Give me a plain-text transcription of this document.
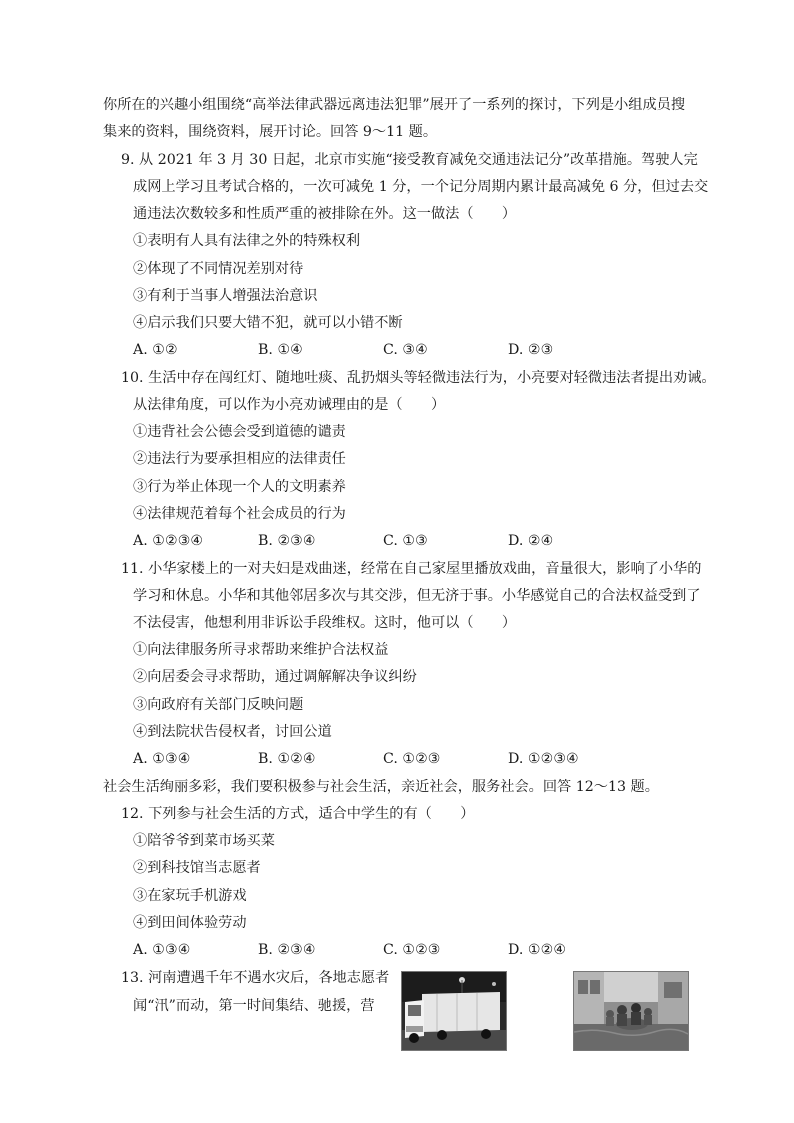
你所在的兴趣小组围绕“高举法律武器远离违法犯罪”展开了一系列的探讨，下列是小组成员搜
集来的资料，围绕资料，展开讨论。回答 9～11 题。
9. 从 2021 年 3 月 30 日起，北京市实施“接受教育减免交通违法记分”改革措施。驾驶人完
成网上学习且考试合格的，一次可减免 1 分，一个记分周期内累计最高减免 6 分，但过去交
通违法次数较多和性质严重的被排除在外。这一做法（　　）
①表明有人具有法律之外的特殊权利
②体现了不同情况差别对待
③有利于当事人增强法治意识
④启示我们只要大错不犯，就可以小错不断
A. ①②	B. ①④	C. ③④	D. ②③
10. 生活中存在闯红灯、随地吐痰、乱扔烟头等轻微违法行为，小亮要对轻微违法者提出劝诫。
从法律角度，可以作为小亮劝诫理由的是（　　）
①违背社会公德会受到道德的谴责
②违法行为要承担相应的法律责任
③行为举止体现一个人的文明素养
④法律规范着每个社会成员的行为
A. ①②③④	B. ②③④	C. ①③	D. ②④
11. 小华家楼上的一对夫妇是戏曲迷，经常在自己家屋里播放戏曲，音量很大，影响了小华的
学习和休息。小华和其他邻居多次与其交涉，但无济于事。小华感觉自己的合法权益受到了
不法侵害，他想利用非诉讼手段维权。这时，他可以（　　）
①向法律服务所寻求帮助来维护合法权益
②向居委会寻求帮助，通过调解解决争议纠纷
③向政府有关部门反映问题
④到法院状告侵权者，讨回公道
A. ①③④	B. ①②④	C. ①②③	D. ①②③④
社会生活绚丽多彩，我们要积极参与社会生活，亲近社会，服务社会。回答 12～13 题。
12. 下列参与社会生活的方式，适合中学生的有（　　）
①陪爷爷到菜市场买菜
②到科技馆当志愿者
③在家玩手机游戏
④到田间体验劳动
A. ①③④	B. ②③④	C. ①②③	D. ①②④
13. 河南遭遇千年不遇水灾后，各地志愿者
闻“汛”而动，第一时间集结、驰援，营
